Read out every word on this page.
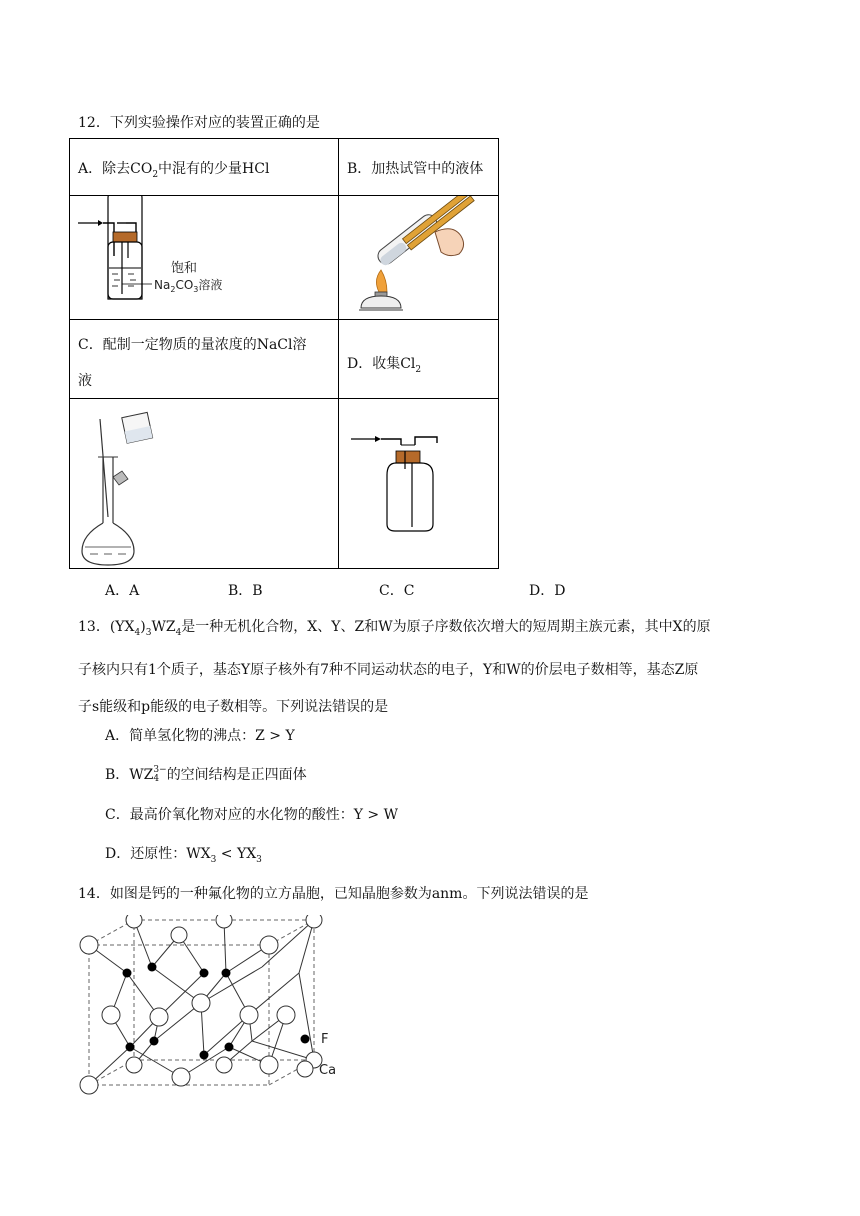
12．下列实验操作对应的装置正确的是
A．除去$CO_2$中混有的少量HCl	B．加热试管中的液体

饱和
$Na_2CO_3$溶液

C．配制一定物质的量浓度的NaCl溶
液	D．收集$Cl_2$

A．A	B．B	C．C	D．D
13．$(YX_4)_3WZ_4$是一种无机化合物，X、Y、Z和W为原子序数依次增大的短周期主族元素，其中X的原
子核内只有1个质子，基态Y原子核外有7种不同运动状态的电子，Y和W的价层电子数相等，基态Z原
子s能级和p能级的电子数相等。下列说法错误的是
A．简单氢化物的沸点：Z > Y
B．WZ 3−
4 的空间结构是正四面体
C．最高价氧化物对应的水化物的酸性：Y > W
D．还原性：$WX_3 < YX_3$
14．如图是钙的一种氟化物的立方晶胞，已知晶胞参数为anm。下列说法错误的是
F
Ca
